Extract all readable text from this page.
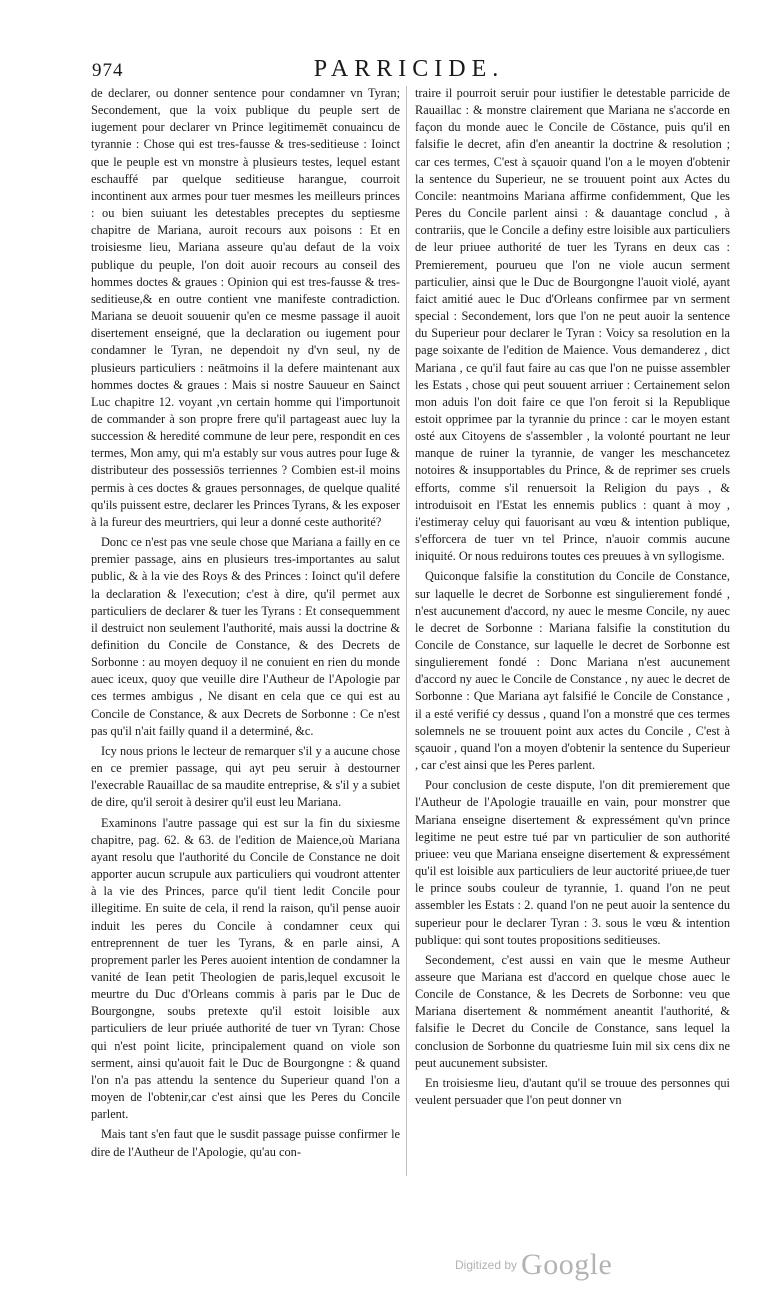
974	PARRICIDE.

de declarer, ou donner sentence pour condamner vn Tyran; Secondement, que la voix publique du peuple sert de iugement pour declarer vn Prince legitimemēt conuaincu de tyrannie : Chose qui est tres-fausse & tres-seditieuse : Ioinct que le peuple est vn monstre à plusieurs testes, lequel estant eschauffé par quelque seditieuse harangue, courroit incontinent aux armes pour tuer mesmes les meilleurs princes : ou bien suiuant les detestables preceptes du septiesme chapitre de Mariana, auroit recours aux poisons : Et en troisiesme lieu, Mariana asseure qu'au defaut de la voix publique du peuple, l'on doit auoir recours au conseil des hommes doctes & graues : Opinion qui est tres-fausse & tres-seditieuse,& en outre contient vne manifeste contradiction. Mariana se deuoit souuenir qu'en ce mesme passage il auoit disertement enseigné, que la declaration ou iugement pour condamner le Tyran, ne dependoit ny d'vn seul, ny de plusieurs particuliers : neātmoins il la defere maintenant aux hommes doctes & graues : Mais si nostre Sauueur en Sainct Luc chapitre 12. voyant ,vn certain homme qui l'importunoit de commander à son propre frere qu'il partageast auec luy la succession & heredité commune de leur pere, respondit en ces termes, Mon amy, qui m'a estably sur vous autres pour Iuge & distributeur des possessiōs terriennes ? Combien est-il moins permis à ces doctes & graues personnages, de quelque qualité qu'ils puissent estre, declarer les Princes Tyrans, & les exposer à la fureur des meurtriers, qui leur a donné ceste authorité?

Donc ce n'est pas vne seule chose que Mariana a failly en ce premier passage, ains en plusieurs tres-importantes au salut public, & à la vie des Roys & des Princes : Ioinct qu'il defere la declaration & l'execution; c'est à dire, qu'il permet aux particuliers de declarer & tuer les Tyrans : Et consequemment il destruict non seulement l'authorité, mais aussi la doctrine & definition du Concile de Constance, & des Decrets de Sorbonne : au moyen dequoy il ne conuient en rien du monde auec iceux, quoy que veuille dire l'Autheur de l'Apologie par ces termes ambigus , Ne disant en cela que ce qui est au Concile de Constance, & aux Decrets de Sorbonne : Ce n'est pas qu'il n'ait failly quand il a determiné, &c.

Icy nous prions le lecteur de remarquer s'il y a aucune chose en ce premier passage, qui ayt peu seruir à destourner l'execrable Rauaillac de sa maudite entreprise, & s'il y a subiet de dire, qu'il seroit à desirer qu'il eust leu Mariana.

Examinons l'autre passage qui est sur la fin du sixiesme chapitre, pag. 62. & 63. de l'edition de Maience,où Mariana ayant resolu que l'authorité du Concile de Constance ne doit apporter aucun scrupule aux particuliers qui voudront attenter à la vie des Princes, parce qu'il tient ledit Concile pour illegitime. En suite de cela, il rend la raison, qu'il pense auoir induit les peres du Concile à condamner ceux qui entreprennent de tuer les Tyrans, & en parle ainsi, A proprement parler les Peres auoient intention de condamner la vanité de Iean petit Theologien de paris,lequel excusoit le meurtre du Duc d'Orleans commis à paris par le Duc de Bourgongne, soubs pretexte qu'il estoit loisible aux particuliers de leur priuée authorité de tuer vn Tyran: Chose qui n'est point licite, principalement quand on viole son serment, ainsi qu'auoit fait le Duc de Bourgongne : & quand l'on n'a pas attendu la sentence du Superieur quand l'on a moyen de l'obtenir,car c'est ainsi que les Peres du Concile parlent.

Mais tant s'en faut que le susdit passage puisse confirmer le dire de l'Autheur de l'Apologie, qu'au con-

traire il pourroit seruir pour iustifier le detestable parricide de Rauaillac : & monstre clairement que Mariana ne s'accorde en façon du monde auec le Concile de Cōstance, puis qu'il en falsifie le decret, afin d'en aneantir la doctrine & resolution ; car ces termes, C'est à sçauoir quand l'on a le moyen d'obtenir la sentence du Superieur, ne se trouuent point aux Actes du Concile: neantmoins Mariana affirme confidemment, Que les Peres du Concile parlent ainsi : & dauantage conclud , à contrariis, que le Concile a definy estre loisible aux particuliers de leur priuee authorité de tuer les Tyrans en deux cas : Premierement, pourueu que l'on ne viole aucun serment particulier, ainsi que le Duc de Bourgongne l'auoit violé, ayant faict amitié auec le Duc d'Orleans confirmee par vn serment special : Secondement, lors que l'on ne peut auoir la sentence du Superieur pour declarer le Tyran : Voicy sa resolution en la page soixante de l'edition de Maience. Vous demanderez , dict Mariana , ce qu'il faut faire au cas que l'on ne puisse assembler les Estats , chose qui peut souuent arriuer : Certainement selon mon aduis l'on doit faire ce que l'on feroit si la Republique estoit opprimee par la tyrannie du prince : car le moyen estant osté aux Citoyens de s'assembler , la volonté pourtant ne leur manque de ruiner la tyrannie, de vanger les meschancetez notoires & insupportables du Prince, & de reprimer ses cruels efforts, comme s'il renuersoit la Religion du pays , & introduisoit en l'Estat les ennemis publics : quant à moy , i'estimeray celuy qui fauorisant au vœu & intention publique, s'efforcera de tuer vn tel Prince, n'auoir commis aucune iniquité. Or nous reduirons toutes ces preuues à vn syllogisme.

Quiconque falsifie la constitution du Concile de Constance, sur laquelle le decret de Sorbonne est singulierement fondé , n'est aucunement d'accord, ny auec le mesme Concile, ny auec le decret de Sorbonne : Mariana falsifie la constitution du Concile de Constance, sur laquelle le decret de Sorbonne est singulierement fondé : Donc Mariana n'est aucunement d'accord ny auec le Concile de Constance , ny auec le decret de Sorbonne : Que Mariana ayt falsifié le Concile de Constance , il a esté verifié cy dessus , quand l'on a monstré que ces termes solemnels ne se trouuent point aux actes du Concile , C'est à sçauoir , quand l'on a moyen d'obtenir la sentence du Superieur , car c'est ainsi que les Peres parlent.

Pour conclusion de ceste dispute, l'on dit premierement que l'Autheur de l'Apologie trauaille en vain, pour monstrer que Mariana enseigne disertement & expressément qu'vn prince legitime ne peut estre tué par vn particulier de son authorité priuee: veu que Mariana enseigne disertement & expressément qu'il est loisible aux particuliers de leur auctorité priuee,de tuer le prince soubs couleur de tyrannie, 1. quand l'on ne peut assembler les Estats : 2. quand l'on ne peut auoir la sentence du superieur pour le declarer Tyran : 3. sous le vœu & intention publique: qui sont toutes propositions seditieuses.

Secondement, c'est aussi en vain que le mesme Autheur asseure que Mariana est d'accord en quelque chose auec le Concile de Constance, & les Decrets de Sorbonne: veu que Mariana disertement & nommément aneantit l'authorité, & falsifie le Decret du Concile de Constance, sans lequel la conclusion de Sorbonne du quatriesme Iuin mil six cens dix ne peut aucunement subsister.

En troisiesme lieu, d'autant qu'il se trouue des personnes qui veulent persuader que l'on peut donner vn

Digitized by Google
